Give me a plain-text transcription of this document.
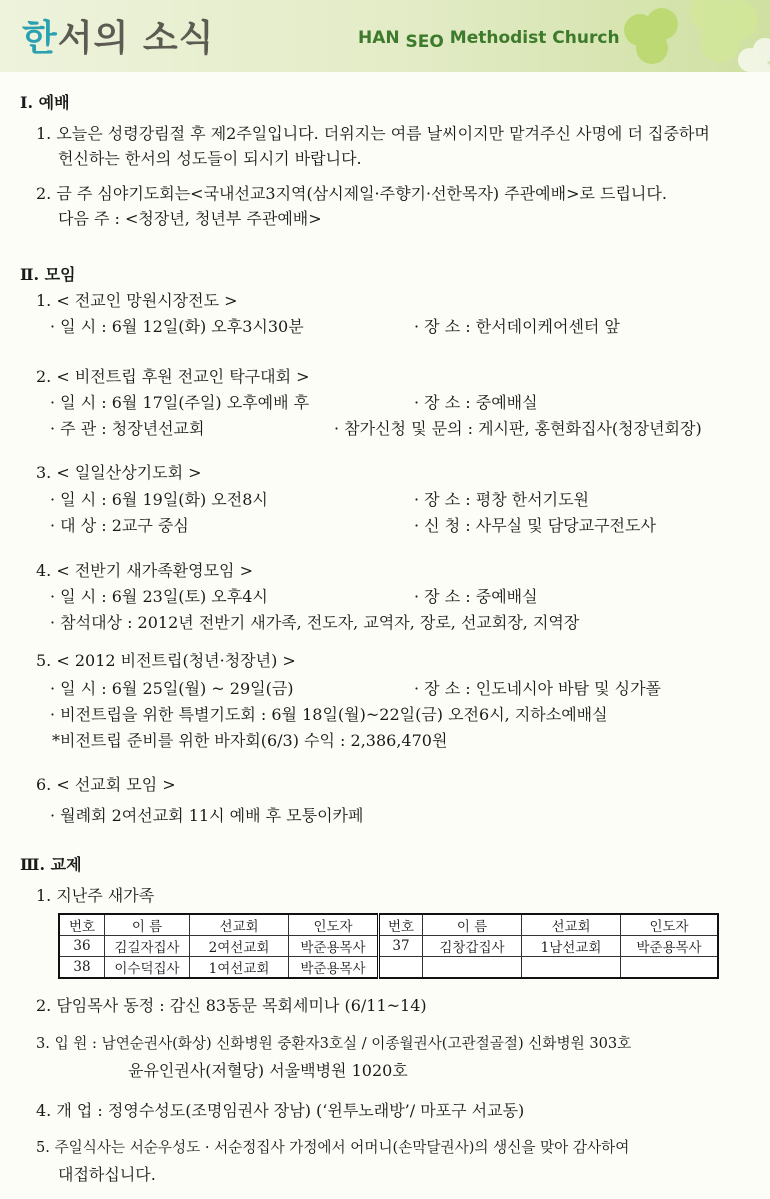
한서의 소식	HAN SEO Methodist Church
Ⅰ. 예배
1. 오늘은 성령강림절 후 제2주일입니다. 더위지는 여름 날씨이지만 맡겨주신 사명에 더 집중하며
헌신하는 한서의 성도들이 되시기 바랍니다.
2. 금 주 심야기도회는<국내선교3지역(삼시제일·주향기·선한목자) 주관예배>로 드립니다.
다음 주 : <청장년, 청년부 주관예배>
Ⅱ. 모임
1. < 전교인 망원시장전도 >
· 일 시 : 6월 12일(화) 오후3시30분	· 장 소 : 한서데이케어센터 앞
2. < 비전트립 후원 전교인 탁구대회 >
· 일 시 : 6월 17일(주일) 오후예배 후	· 장 소 : 중예배실
· 주 관 : 청장년선교회	· 참가신청 및 문의 : 게시판, 홍현화집사(청장년회장)
3. < 일일산상기도회 >
· 일 시 : 6월 19일(화) 오전8시	· 장 소 : 평창 한서기도원
· 대 상 : 2교구 중심	· 신 청 : 사무실 및 담당교구전도사
4. < 전반기 새가족환영모임 >
· 일 시 : 6월 23일(토) 오후4시	· 장 소 : 중예배실
· 참석대상 : 2012년 전반기 새가족, 전도자, 교역자, 장로, 선교회장, 지역장
5. < 2012 비전트립(청년·청장년) >
· 일 시 : 6월 25일(월) ~ 29일(금)	· 장 소 : 인도네시아 바탐 및 싱가폴
· 비전트립을 위한 특별기도회 : 6월 18일(월)~22일(금) 오전6시, 지하소예배실
*비전트립 준비를 위한 바자회(6/3) 수익 : 2,386,470원
6. < 선교회 모임 >
· 월례회 2여선교회 11시 예배 후 모퉁이카페
Ⅲ. 교제
1. 지난주 새가족
번호	이 름	선교회	인도자	번호	이 름	선교회	인도자
36	김길자집사	2여선교회	박준용목사	37	김창갑집사	1남선교회	박준용목사
38	이수덕집사	1여선교회	박준용목사				
2. 담임목사 동정 : 감신 83동문 목회세미나 (6/11~14)
3. 입 원 : 남연순권사(화상) 신화병원 중환자3호실 / 이종월권사(고관절골절) 신화병원 303호
윤유인권사(저혈당) 서울백병원 1020호
4. 개 업 : 정영수성도(조명임권사 장남) (‘윈투노래방’/ 마포구 서교동)
5. 주일식사는 서순우성도 · 서순정집사 가정에서 어머니(손막달권사)의 생신을 맞아 감사하여
대접하십니다.
